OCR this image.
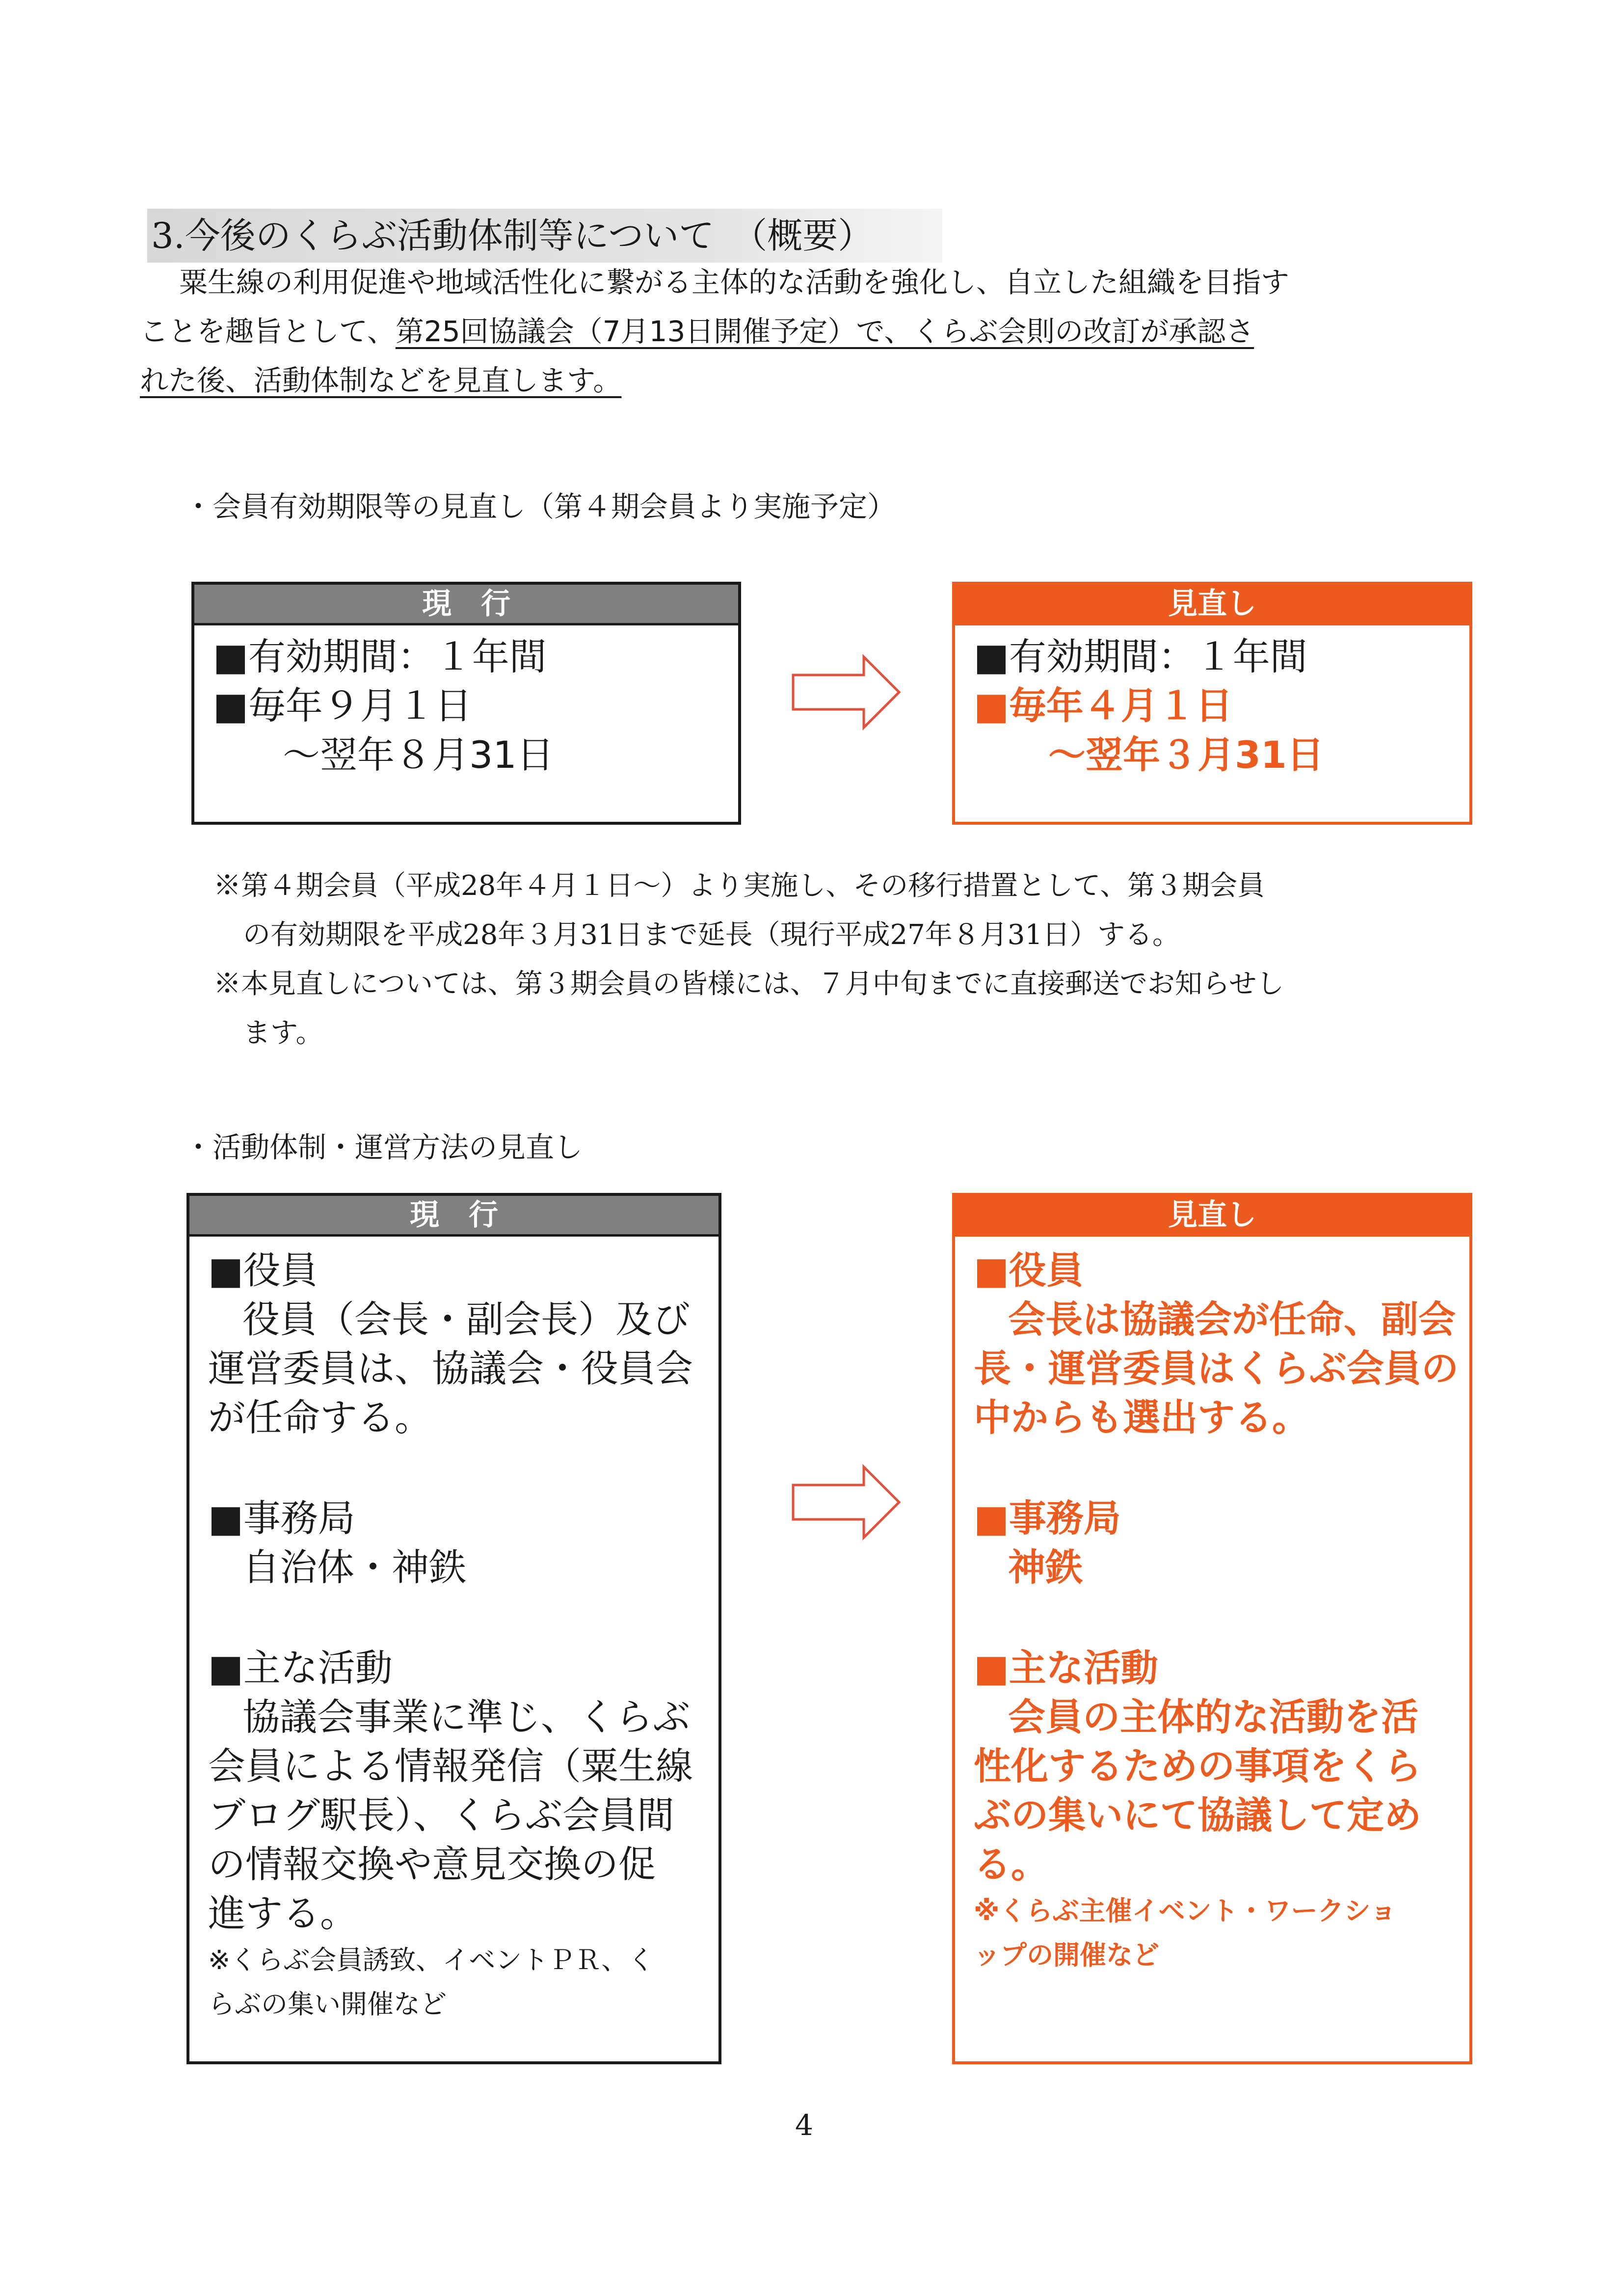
3.今後のくらぶ活動体制等について　（概要）
粟生線の利用促進や地域活性化に繋がる主体的な活動を強化し、自立した組織を目指す
ことを趣旨として、第25回協議会（7月13日開催予定）で、くらぶ会則の改訂が承認さ
れた後、活動体制などを見直します。
・会員有効期限等の見直し（第４期会員より実施予定）
現　行
■有効期間：１年間
■毎年９月１日
～翌年８月31日
見直し
■有効期間：１年間
■毎年４月１日
～翌年３月31日
※第４期会員（平成28年４月１日～）より実施し、その移行措置として、第３期会員
の有効期限を平成28年３月31日まで延長（現行平成27年８月31日）する。
※本見直しについては、第３期会員の皆様には、７月中旬までに直接郵送でお知らせし
ます。
・活動体制・運営方法の見直し
現　行
■役員
役員（会長・副会長）及び
運営委員は、協議会・役員会
が任命する。
■事務局
自治体・神鉄
■主な活動
協議会事業に準じ、くらぶ
会員による情報発信（粟生線
ブログ駅長）、くらぶ会員間
の情報交換や意見交換の促
進する。
※くらぶ会員誘致、イベントＰＲ、く
らぶの集い開催など
見直し
■役員
会長は協議会が任命、副会
長・運営委員はくらぶ会員の
中からも選出する。
■事務局
神鉄
■主な活動
会員の主体的な活動を活
性化するための事項をくら
ぶの集いにて協議して定め
る。
※くらぶ主催イベント・ワークショ
ップの開催など
4
